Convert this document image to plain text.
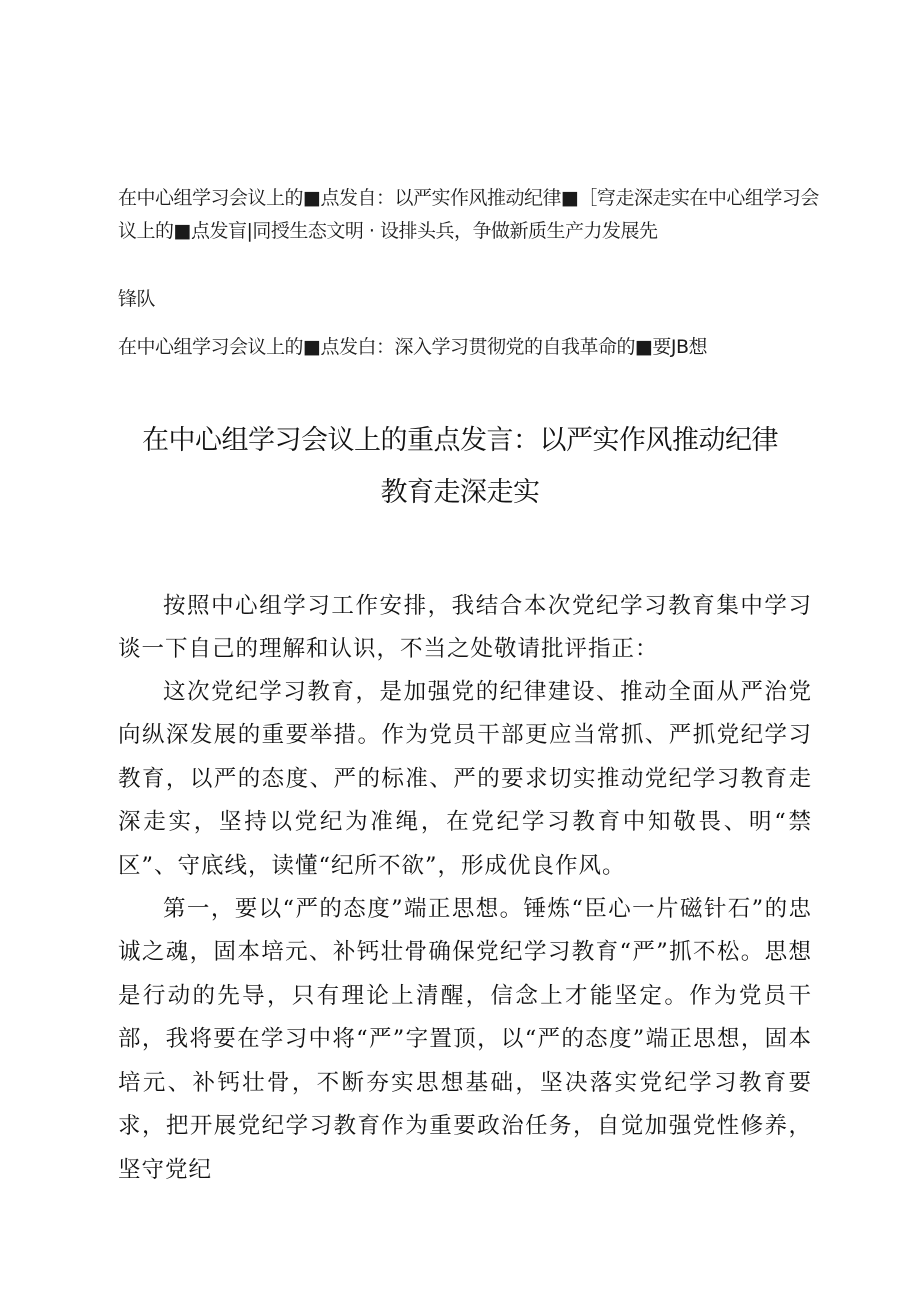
在中心组学习会议上的■点发自：以严实作风推动纪律■［穹走深走实在中心组学习会
议上的■点发盲|同授生态文明 · 设排头兵，争做新质生产力发展先
锋队
在中心组学习会议上的■点发白：深入学习贯彻党的自我革命的■要JB想
在中心组学习会议上的重点发言：以严实作风推动纪律
教育走深走实

按照中心组学习工作安排，我结合本次党纪学习教育集中学习谈一下自己的理解和认识，不当之处敬请批评指正：

这次党纪学习教育，是加强党的纪律建设、推动全面从严治党向纵深发展的重要举措。作为党员干部更应当常抓、严抓党纪学习教育，以严的态度、严的标准、严的要求切实推动党纪学习教育走深走实，坚持以党纪为准绳，在党纪学习教育中知敬畏、明“禁区”、守底线，读懂“纪所不欲”，形成优良作风。

第一，要以“严的态度”端正思想。锤炼“臣心一片磁针石”的忠诚之魂，固本培元、补钙壮骨确保党纪学习教育“严”抓不松。思想是行动的先导，只有理论上清醒，信念上才能坚定。作为党员干部，我将要在学习中将“严”字置顶，以“严的态度”端正思想，固本培元、补钙壮骨，不断夯实思想基础，坚决落实党纪学习教育要求，把开展党纪学习教育作为重要政治任务，自觉加强党性修养，坚守党纪
